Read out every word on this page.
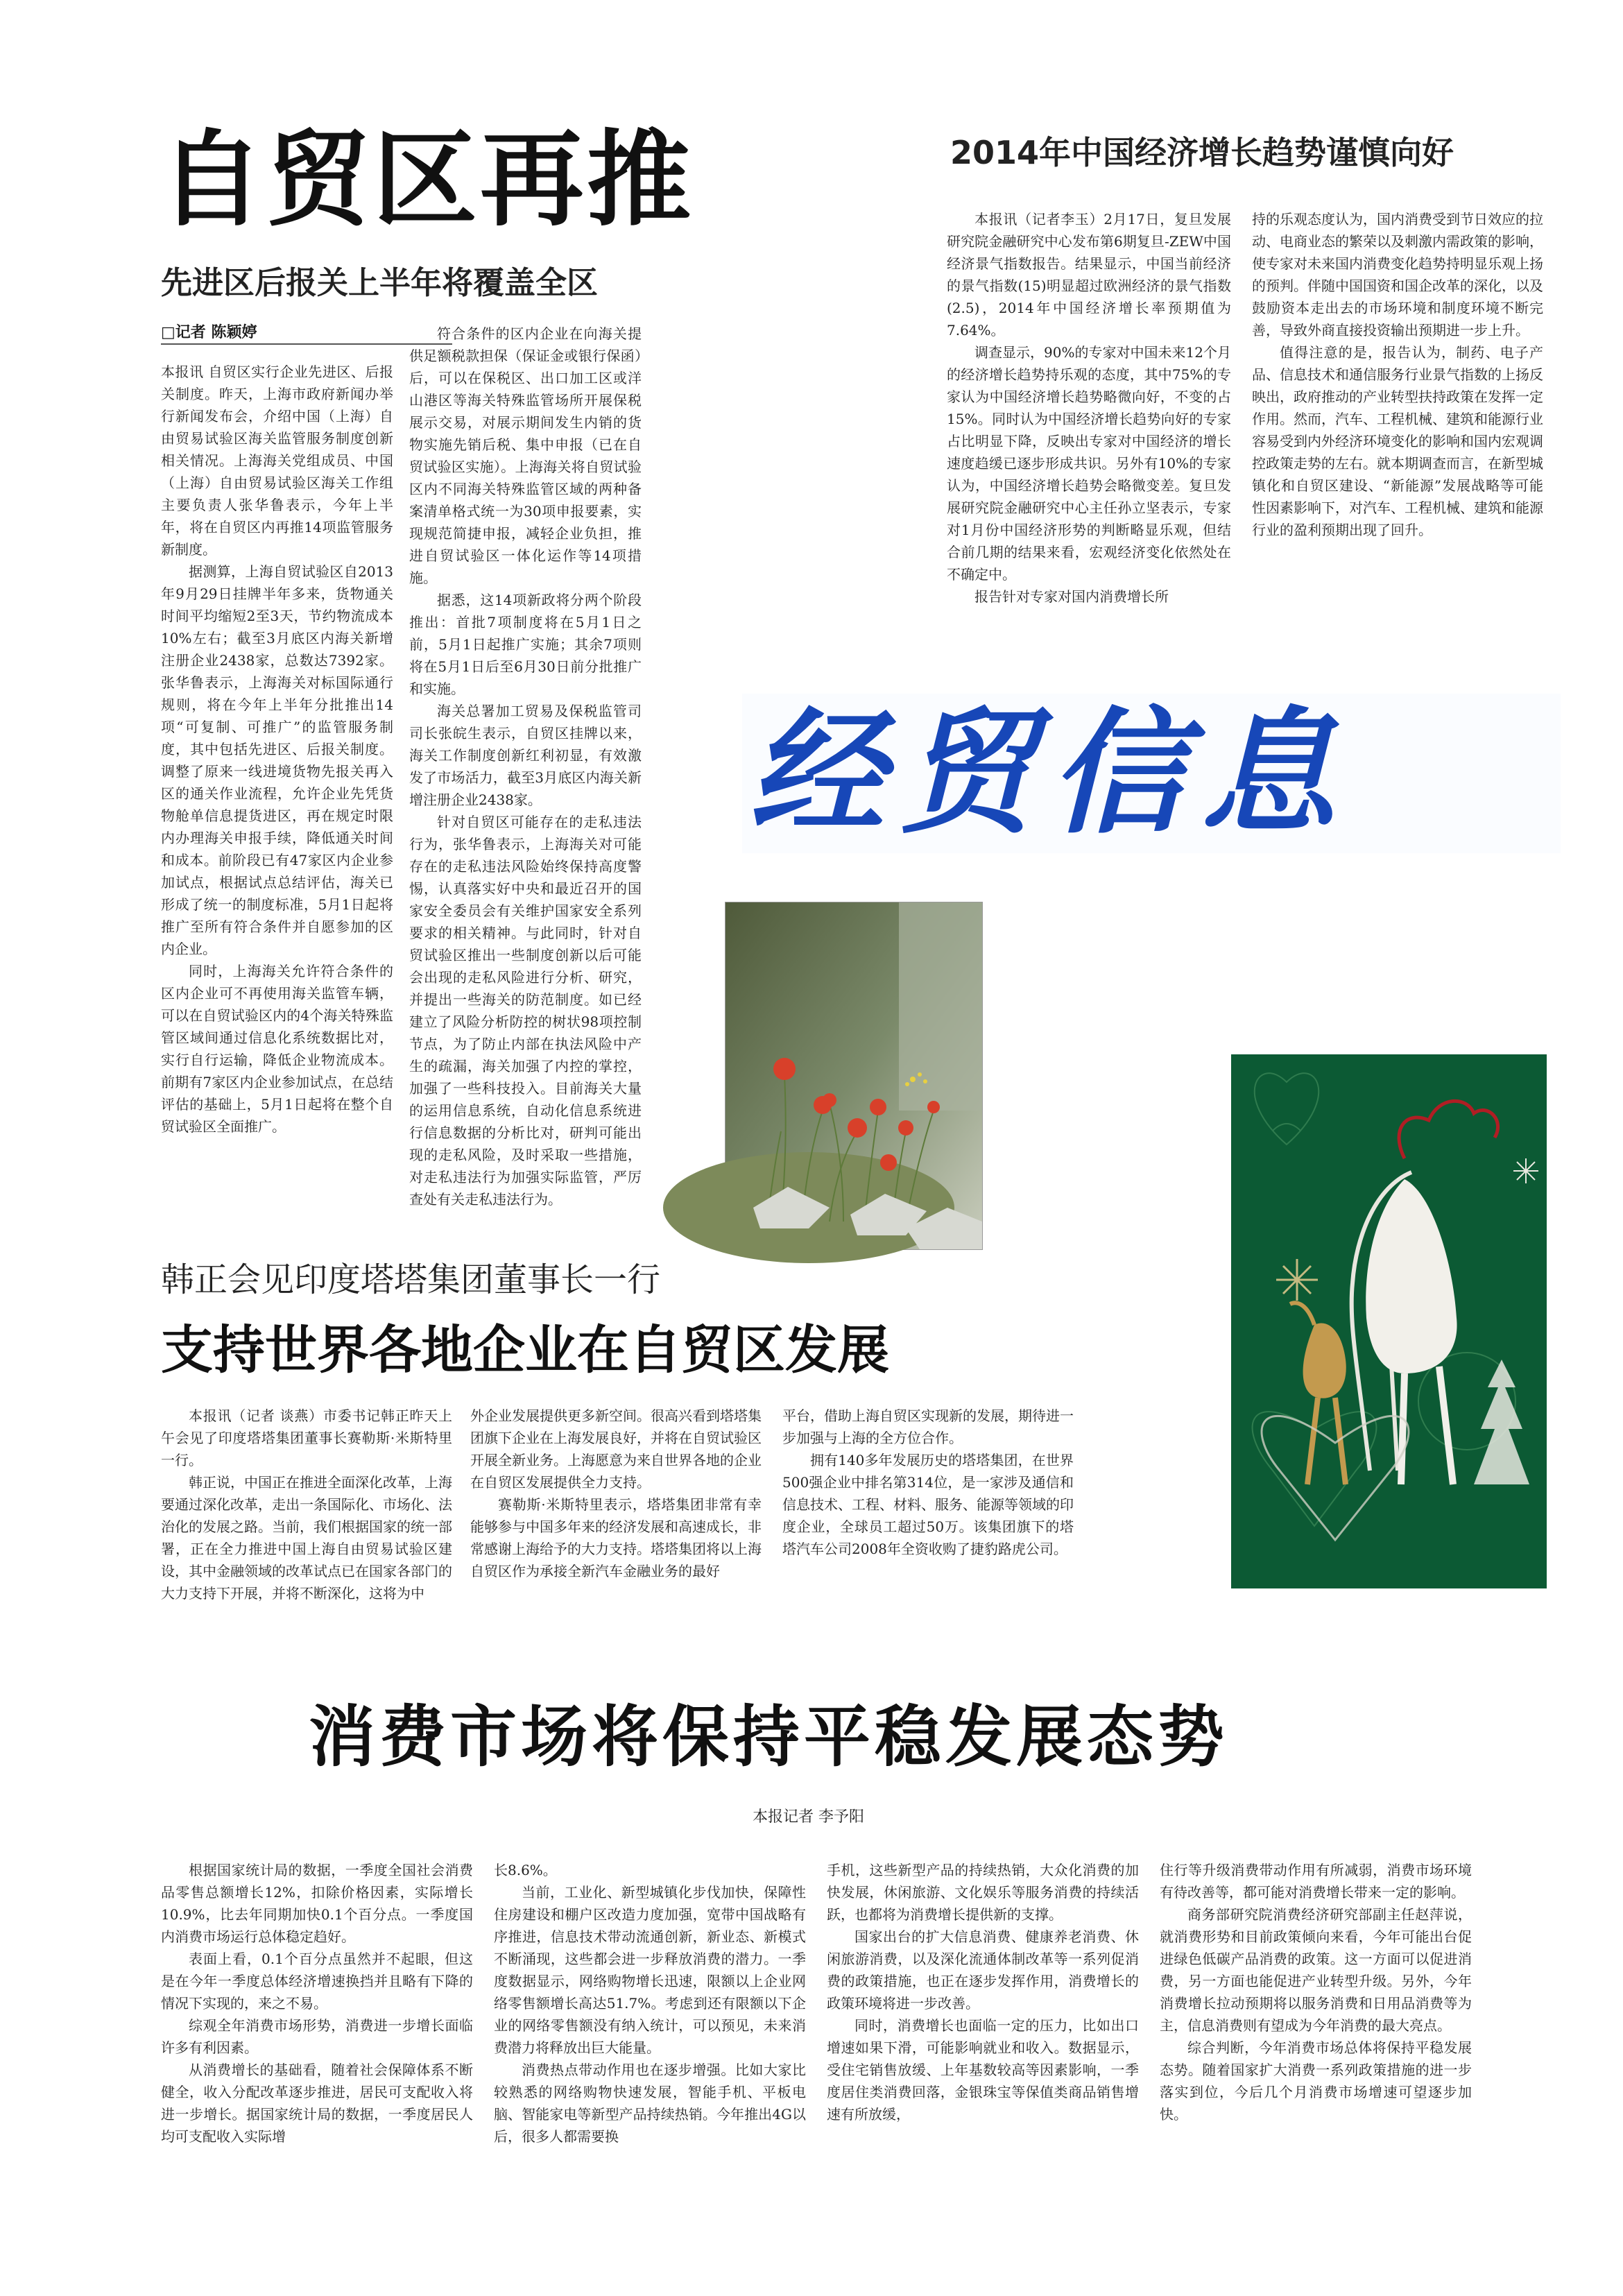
自贸区再推
先进区后报关上半年将覆盖全区
□记者 陈颖婷

本报讯 自贸区实行企业先进区、后报关制度。昨天，上海市政府新闻办举行新闻发布会，介绍中国（上海）自由贸易试验区海关监管服务制度创新相关情况。上海海关党组成员、中国（上海）自由贸易试验区海关工作组主要负责人张华鲁表示，今年上半年，将在自贸区内再推14项监管服务新制度。

据测算，上海自贸试验区自2013年9月29日挂牌半年多来，货物通关时间平均缩短2至3天，节约物流成本10%左右；截至3月底区内海关新增注册企业2438家，总数达7392家。张华鲁表示，上海海关对标国际通行规则，将在今年上半年分批推出14项“可复制、可推广”的监管服务制度，其中包括先进区、后报关制度。调整了原来一线进境货物先报关再入区的通关作业流程，允许企业先凭货物舱单信息提货进区，再在规定时限内办理海关申报手续，降低通关时间和成本。前阶段已有47家区内企业参加试点，根据试点总结评估，海关已形成了统一的制度标准，5月1日起将推广至所有符合条件并自愿参加的区内企业。

同时，上海海关允许符合条件的区内企业可不再使用海关监管车辆，可以在自贸试验区内的4个海关特殊监管区域间通过信息化系统数据比对，实行自行运输，降低企业物流成本。前期有7家区内企业参加试点，在总结评估的基础上，5月1日起将在整个自贸试验区全面推广。

符合条件的区内企业在向海关提供足额税款担保（保证金或银行保函）后，可以在保税区、出口加工区或洋山港区等海关特殊监管场所开展保税展示交易，对展示期间发生内销的货物实施先销后税、集中申报（已在自贸试验区实施）。上海海关将自贸试验区内不同海关特殊监管区域的两种备案清单格式统一为30项申报要素，实现规范简捷申报，减轻企业负担，推进自贸试验区一体化运作等14项措施。

据悉，这14项新政将分两个阶段推出：首批7项制度将在5月1日之前，5月1日起推广实施；其余7项则将在5月1日后至6月30日前分批推广和实施。

海关总署加工贸易及保税监管司司长张皖生表示，自贸区挂牌以来，海关工作制度创新红利初显，有效激发了市场活力，截至3月底区内海关新增注册企业2438家。

针对自贸区可能存在的走私违法行为，张华鲁表示，上海海关对可能存在的走私违法风险始终保持高度警惕，认真落实好中央和最近召开的国家安全委员会有关维护国家安全系列要求的相关精神。与此同时，针对自贸试验区推出一些制度创新以后可能会出现的走私风险进行分析、研究，并提出一些海关的防范制度。如已经建立了风险分析防控的树状98项控制节点，为了防止内部在执法风险中产生的疏漏，海关加强了内控的掌控，加强了一些科技投入。目前海关大量的运用信息系统，自动化信息系统进行信息数据的分析比对，研判可能出现的走私风险，及时采取一些措施，对走私违法行为加强实际监管，严厉查处有关走私违法行为。

2014年中国经济增长趋势谨慎向好

本报讯（记者李玉）2月17日，复旦发展研究院金融研究中心发布第6期复旦-ZEW中国经济景气指数报告。结果显示，中国当前经济的景气指数(15)明显超过欧洲经济的景气指数(2.5)，2014年中国经济增长率预期值为7.64%。

调查显示，90%的专家对中国未来12个月的经济增长趋势持乐观的态度，其中75%的专家认为中国经济增长趋势略微向好，不变的占15%。同时认为中国经济增长趋势向好的专家占比明显下降，反映出专家对中国经济的增长速度趋缓已逐步形成共识。另外有10%的专家认为，中国经济增长趋势会略微变差。复旦发展研究院金融研究中心主任孙立坚表示，专家对1月份中国经济形势的判断略显乐观，但结合前几期的结果来看，宏观经济变化依然处在不确定中。

报告针对专家对国内消费增长所

持的乐观态度认为，国内消费受到节日效应的拉动、电商业态的繁荣以及刺激内需政策的影响，使专家对未来国内消费变化趋势持明显乐观上扬的预判。伴随中国国资和国企改革的深化，以及鼓励资本走出去的市场环境和制度环境不断完善，导致外商直接投资输出预期进一步上升。

值得注意的是，报告认为，制药、电子产品、信息技术和通信服务行业景气指数的上扬反映出，政府推动的产业转型扶持政策在发挥一定作用。然而，汽车、工程机械、建筑和能源行业容易受到内外经济环境变化的影响和国内宏观调控政策走势的左右。就本期调查而言，在新型城镇化和自贸区建设、“新能源”发展战略等可能性因素影响下，对汽车、工程机械、建筑和能源行业的盈利预期出现了回升。

经贸信息
韩正会见印度塔塔集团董事长一行
支持世界各地企业在自贸区发展

本报讯（记者 谈燕）市委书记韩正昨天上午会见了印度塔塔集团董事长赛勒斯·米斯特里一行。

韩正说，中国正在推进全面深化改革，上海要通过深化改革，走出一条国际化、市场化、法治化的发展之路。当前，我们根据国家的统一部署，正在全力推进中国上海自由贸易试验区建设，其中金融领域的改革试点已在国家各部门的大力支持下开展，并将不断深化，这将为中

外企业发展提供更多新空间。很高兴看到塔塔集团旗下企业在上海发展良好，并将在自贸试验区开展全新业务。上海愿意为来自世界各地的企业在自贸区发展提供全力支持。

赛勒斯·米斯特里表示，塔塔集团非常有幸能够参与中国多年来的经济发展和高速成长，非常感谢上海给予的大力支持。塔塔集团将以上海自贸区作为承接全新汽车金融业务的最好

平台，借助上海自贸区实现新的发展，期待进一步加强与上海的全方位合作。

拥有140多年发展历史的塔塔集团，在世界500强企业中排名第314位，是一家涉及通信和信息技术、工程、材料、服务、能源等领域的印度企业，全球员工超过50万。该集团旗下的塔塔汽车公司2008年全资收购了捷豹路虎公司。

消费市场将保持平稳发展态势
本报记者 李予阳

根据国家统计局的数据，一季度全国社会消费品零售总额增长12%，扣除价格因素，实际增长10.9%，比去年同期加快0.1个百分点。一季度国内消费市场运行总体稳定趋好。

表面上看，0.1个百分点虽然并不起眼，但这是在今年一季度总体经济增速换挡并且略有下降的情况下实现的，来之不易。

综观全年消费市场形势，消费进一步增长面临许多有利因素。

从消费增长的基础看，随着社会保障体系不断健全，收入分配改革逐步推进，居民可支配收入将进一步增长。据国家统计局的数据，一季度居民人均可支配收入实际增

长8.6%。

当前，工业化、新型城镇化步伐加快，保障性住房建设和棚户区改造力度加强，宽带中国战略有序推进，信息技术带动流通创新，新业态、新模式不断涌现，这些都会进一步释放消费的潜力。一季度数据显示，网络购物增长迅速，限额以上企业网络零售额增长高达51.7%。考虑到还有限额以下企业的网络零售额没有纳入统计，可以预见，未来消费潜力将释放出巨大能量。

消费热点带动作用也在逐步增强。比如大家比较熟悉的网络购物快速发展，智能手机、平板电脑、智能家电等新型产品持续热销。今年推出4G以后，很多人都需要换

手机，这些新型产品的持续热销，大众化消费的加快发展，休闲旅游、文化娱乐等服务消费的持续活跃，也都将为消费增长提供新的支撑。

国家出台的扩大信息消费、健康养老消费、休闲旅游消费，以及深化流通体制改革等一系列促消费的政策措施，也正在逐步发挥作用，消费增长的政策环境将进一步改善。

同时，消费增长也面临一定的压力，比如出口增速如果下滑，可能影响就业和收入。数据显示，受住宅销售放缓、上年基数较高等因素影响，一季度居住类消费回落，金银珠宝等保值类商品销售增速有所放缓，

住行等升级消费带动作用有所减弱，消费市场环境有待改善等，都可能对消费增长带来一定的影响。

商务部研究院消费经济研究部副主任赵萍说，就消费形势和目前政策倾向来看，今年可能出台促进绿色低碳产品消费的政策。这一方面可以促进消费，另一方面也能促进产业转型升级。另外，今年消费增长拉动预期将以服务消费和日用品消费等为主，信息消费则有望成为今年消费的最大亮点。

综合判断，今年消费市场总体将保持平稳发展态势。随着国家扩大消费一系列政策措施的进一步落实到位，今后几个月消费市场增速可望逐步加快。
